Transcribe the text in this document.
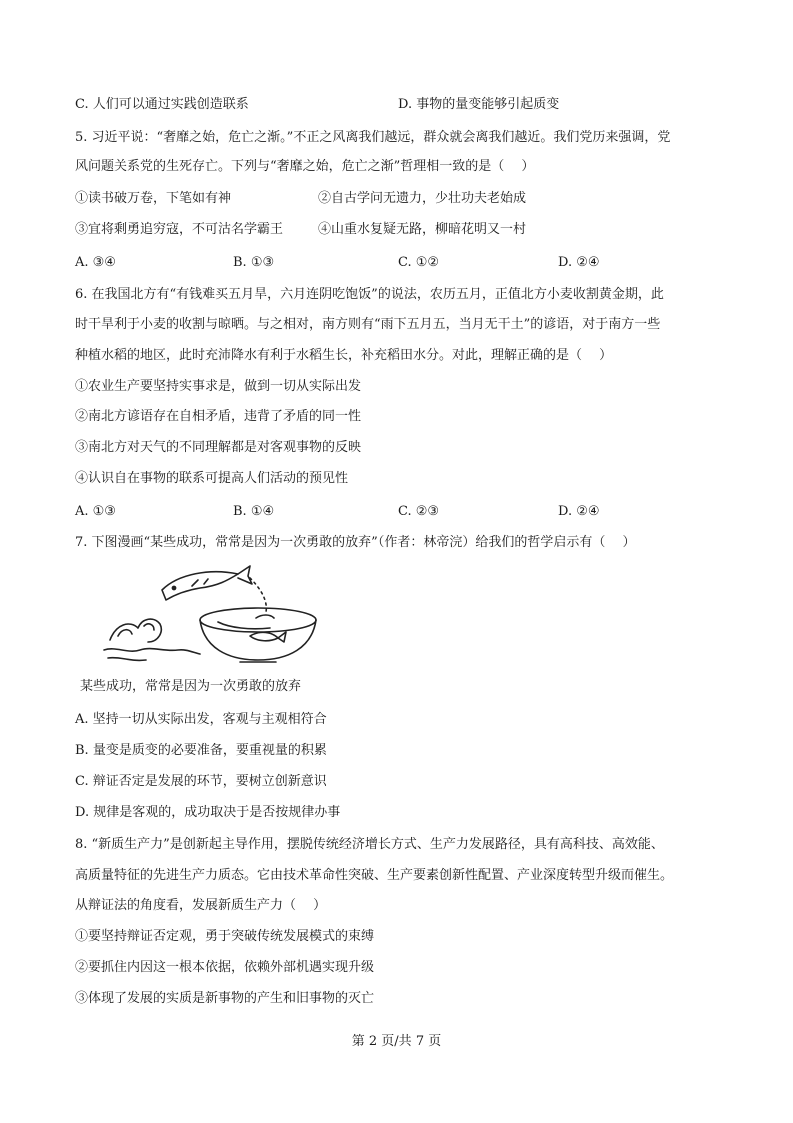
C. 人们可以通过实践创造联系	D. 事物的量变能够引起质变
5. 习近平说：“奢靡之始，危亡之渐。”不正之风离我们越远，群众就会离我们越近。我们党历来强调，党
风问题关系党的生死存亡。下列与“奢靡之始，危亡之渐”哲理相一致的是（　 ）
①读书破万卷，下笔如有神	②自古学问无遗力，少壮功夫老始成
③宜将剩勇追穷寇，不可沽名学霸王	④山重水复疑无路，柳暗花明又一村
A. ③④	B. ①③	C. ①②	D. ②④
6. 在我国北方有“有钱难买五月旱，六月连阴吃饱饭”的说法，农历五月，正值北方小麦收割黄金期，此
时干旱利于小麦的收割与晾晒。与之相对，南方则有“雨下五月五，当月无干土”的谚语，对于南方一些
种植水稻的地区，此时充沛降水有利于水稻生长，补充稻田水分。对此，理解正确的是（　 ）
①农业生产要坚持实事求是，做到一切从实际出发
②南北方谚语存在自相矛盾，违背了矛盾的同一性
③南北方对天气的不同理解都是对客观事物的反映
④认识自在事物的联系可提高人们活动的预见性
A. ①③	B. ①④	C. ②③	D. ②④
7. 下图漫画“某些成功，常常是因为一次勇敢的放弃”（作者：林帝浣）给我们的哲学启示有（　 ）
某些成功，常常是因为一次勇敢的放弃
A. 坚持一切从实际出发，客观与主观相符合
B. 量变是质变的必要准备，要重视量的积累
C. 辩证否定是发展的环节，要树立创新意识
D. 规律是客观的，成功取决于是否按规律办事
8. “新质生产力”是创新起主导作用，摆脱传统经济增长方式、生产力发展路径，具有高科技、高效能、
高质量特征的先进生产力质态。它由技术革命性突破、生产要素创新性配置、产业深度转型升级而催生。
从辩证法的角度看，发展新质生产力（　 ）
①要坚持辩证否定观，勇于突破传统发展模式的束缚
②要抓住内因这一根本依据，依赖外部机遇实现升级
③体现了发展的实质是新事物的产生和旧事物的灭亡
第 2 页/共 7 页
